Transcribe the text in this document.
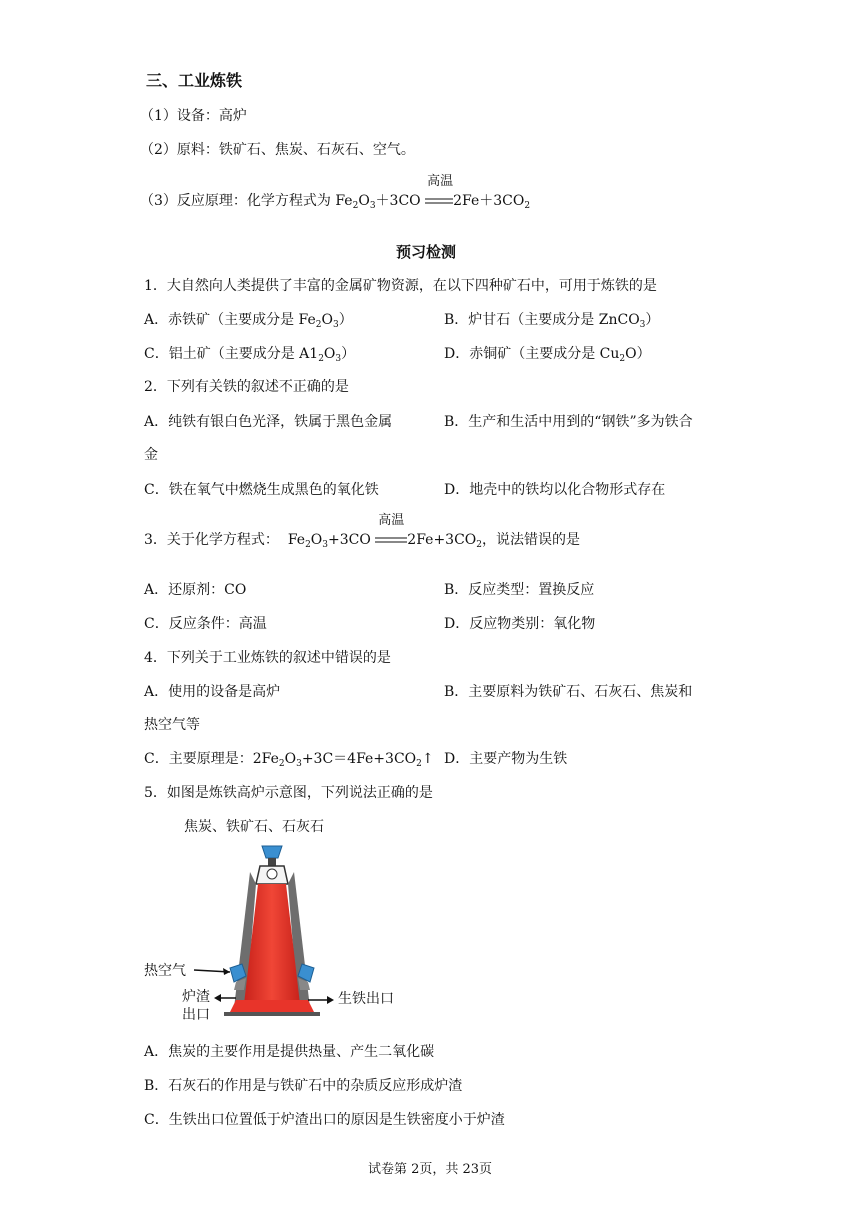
三、工业炼铁
（1）设备：高炉
（2）原料：铁矿石、焦炭、石灰石、空气。
（3）反应原理：化学方程式为 $Fe_2O_3+3CO$
高温
$2Fe+3CO_2$
预习检测
1．大自然向人类提供了丰富的金属矿物资源，在以下四种矿石中，可用于炼铁的是
A．赤铁矿（主要成分是 $Fe_2O_3$）	B．炉甘石（主要成分是 ZnCO$_3$）
C．铝土矿（主要成分是 $A1_2O_3$）	D．赤铜矿（主要成分是 $Cu_2O$）
2．下列有关铁的叙述不正确的是
A．纯铁有银白色光泽，铁属于黑色金属	B．生产和生活中用到的“钢铁”多为铁合
金
C．铁在氧气中燃烧生成黑色的氧化铁	D．地壳中的铁均以化合物形式存在
3．关于化学方程式： $Fe_2O_3+3CO$
高温
$2Fe+3CO_2$，说法错误的是
A．还原剂：CO	B．反应类型：置换反应
C．反应条件：高温	D．反应物类别：氧化物
4．下列关于工业炼铁的叙述中错误的是
A．使用的设备是高炉	B．主要原料为铁矿石、石灰石、焦炭和
热空气等
C．主要原理是：$2Fe_2O_3+3C=4Fe+3CO_2↑$ D．主要产物为生铁
5．如图是炼铁高炉示意图，下列说法正确的是
焦炭、铁矿石、石灰石
热空气
炉渣
出口
生铁出口
A．焦炭的主要作用是提供热量、产生二氧化碳
B．石灰石的作用是与铁矿石中的杂质反应形成炉渣
C．生铁出口位置低于炉渣出口的原因是生铁密度小于炉渣
试卷第 2页，共 23页
